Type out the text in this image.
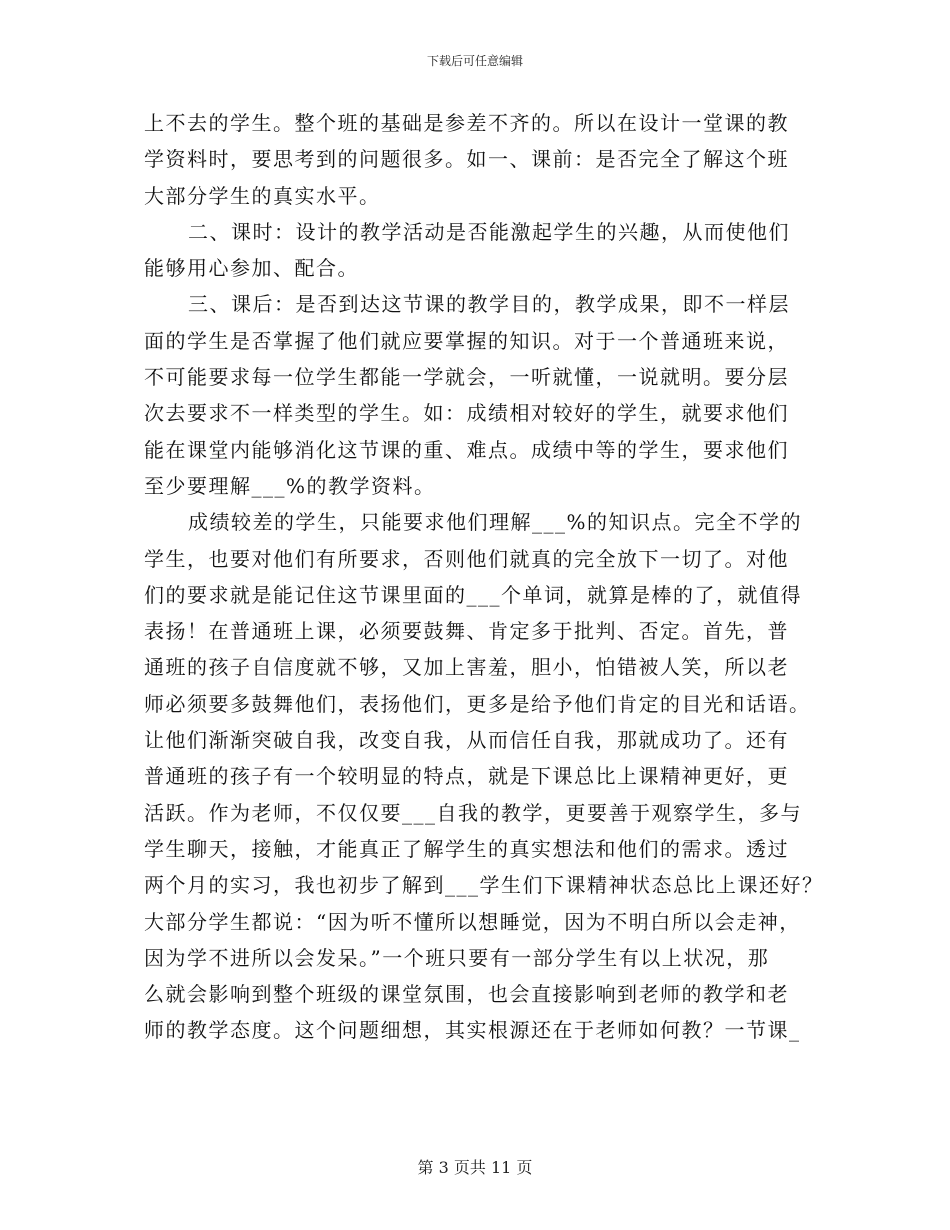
下载后可任意编辑
上不去的学生。整个班的基础是参差不齐的。所以在设计一堂课的教
学资料时，要思考到的问题很多。如一、课前：是否完全了解这个班
大部分学生的真实水平。
二、课时：设计的教学活动是否能激起学生的兴趣，从而使他们
能够用心参加、配合。
三、课后：是否到达这节课的教学目的，教学成果，即不一样层
面的学生是否掌握了他们就应要掌握的知识。对于一个普通班来说，
不可能要求每一位学生都能一学就会，一听就懂，一说就明。要分层
次去要求不一样类型的学生。如：成绩相对较好的学生，就要求他们
能在课堂内能够消化这节课的重、难点。成绩中等的学生，要求他们
至少要理解___%的教学资料。
成绩较差的学生，只能要求他们理解___%的知识点。完全不学的
学生，也要对他们有所要求，否则他们就真的完全放下一切了。对他
们的要求就是能记住这节课里面的___个单词，就算是棒的了，就值得
表扬！在普通班上课，必须要鼓舞、肯定多于批判、否定。首先，普
通班的孩子自信度就不够，又加上害羞，胆小，怕错被人笑，所以老
师必须要多鼓舞他们，表扬他们，更多是给予他们肯定的目光和话语。
让他们渐渐突破自我，改变自我，从而信任自我，那就成功了。还有
普通班的孩子有一个较明显的特点，就是下课总比上课精神更好，更
活跃。作为老师，不仅仅要___自我的教学，更要善于观察学生，多与
学生聊天，接触，才能真正了解学生的真实想法和他们的需求。透过
两个月的实习，我也初步了解到___学生们下课精神状态总比上课还好？
大部分学生都说：“因为听不懂所以想睡觉，因为不明白所以会走神，
因为学不进所以会发呆。”一个班只要有一部分学生有以上状况，那
么就会影响到整个班级的课堂氛围，也会直接影响到老师的教学和老
师的教学态度。这个问题细想，其实根源还在于老师如何教？一节课_
第 3 页共 11 页
